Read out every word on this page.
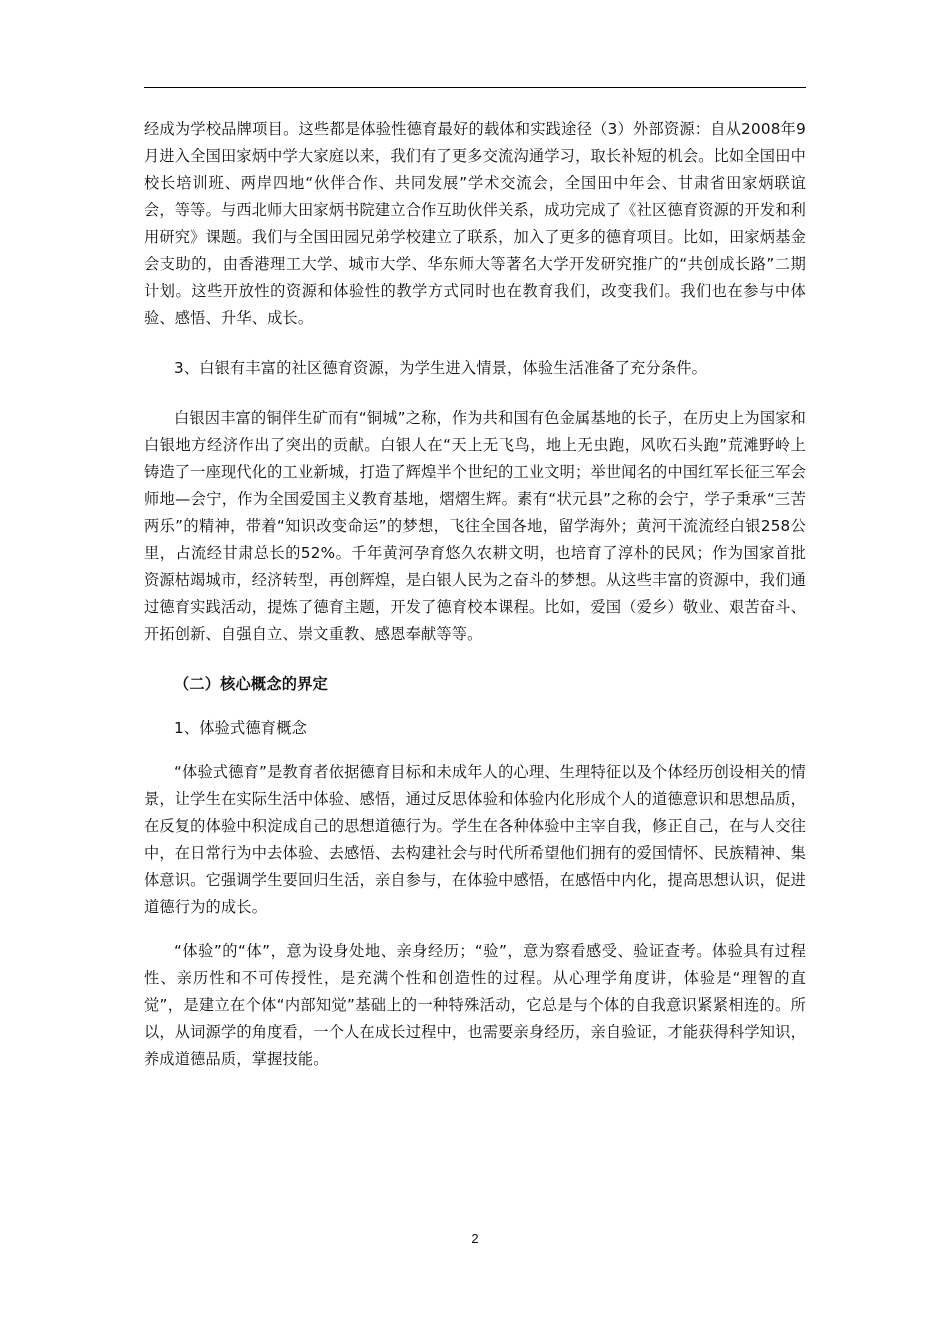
经成为学校品牌项目。这些都是体验性德育最好的载体和实践途径（3）外部资源：自从2008年9月进入全国田家炳中学大家庭以来，我们有了更多交流沟通学习，取长补短的机会。比如全国田中校长培训班、两岸四地“伙伴合作、共同发展”学术交流会，全国田中年会、甘肃省田家炳联谊会，等等。与西北师大田家炳书院建立合作互助伙伴关系，成功完成了《社区德育资源的开发和利用研究》课题。我们与全国田园兄弟学校建立了联系，加入了更多的德育项目。比如，田家炳基金会支助的，由香港理工大学、城市大学、华东师大等著名大学开发研究推广的“共创成长路”二期计划。这些开放性的资源和体验性的教学方式同时也在教育我们，改变我们。我们也在参与中体验、感悟、升华、成长。

3、白银有丰富的社区德育资源，为学生进入情景，体验生活准备了充分条件。

白银因丰富的铜伴生矿而有“铜城”之称，作为共和国有色金属基地的长子，在历史上为国家和白银地方经济作出了突出的贡献。白银人在“天上无飞鸟，地上无虫跑，风吹石头跑”荒滩野岭上铸造了一座现代化的工业新城，打造了辉煌半个世纪的工业文明；举世闻名的中国红军长征三军会师地—会宁，作为全国爱国主义教育基地，熠熠生辉。素有“状元县”之称的会宁，学子秉承“三苦两乐”的精神，带着“知识改变命运”的梦想，飞往全国各地，留学海外；黄河干流流经白银258公里，占流经甘肃总长的52%。千年黄河孕育悠久农耕文明，也培育了淳朴的民风；作为国家首批资源枯竭城市，经济转型，再创辉煌，是白银人民为之奋斗的梦想。从这些丰富的资源中，我们通过德育实践活动，提炼了德育主题，开发了德育校本课程。比如，爱国（爱乡）敬业、艰苦奋斗、开拓创新、自强自立、崇文重教、感恩奉献等等。

（二）核心概念的界定

1、体验式德育概念

“体验式德育”是教育者依据德育目标和未成年人的心理、生理特征以及个体经历创设相关的情景，让学生在实际生活中体验、感悟，通过反思体验和体验内化形成个人的道德意识和思想品质，在反复的体验中积淀成自己的思想道德行为。学生在各种体验中主宰自我，修正自己，在与人交往中，在日常行为中去体验、去感悟、去构建社会与时代所希望他们拥有的爱国情怀、民族精神、集体意识。它强调学生要回归生活，亲自参与，在体验中感悟，在感悟中内化，提高思想认识，促进道德行为的成长。

“体验”的“体”，意为设身处地、亲身经历；“验”，意为察看感受、验证查考。体验具有过程性、亲历性和不可传授性，是充满个性和创造性的过程。从心理学角度讲，体验是“理智的直觉”，是建立在个体“内部知觉”基础上的一种特殊活动，它总是与个体的自我意识紧紧相连的。所以，从词源学的角度看，一个人在成长过程中，也需要亲身经历，亲自验证，才能获得科学知识，养成道德品质，掌握技能。

2
